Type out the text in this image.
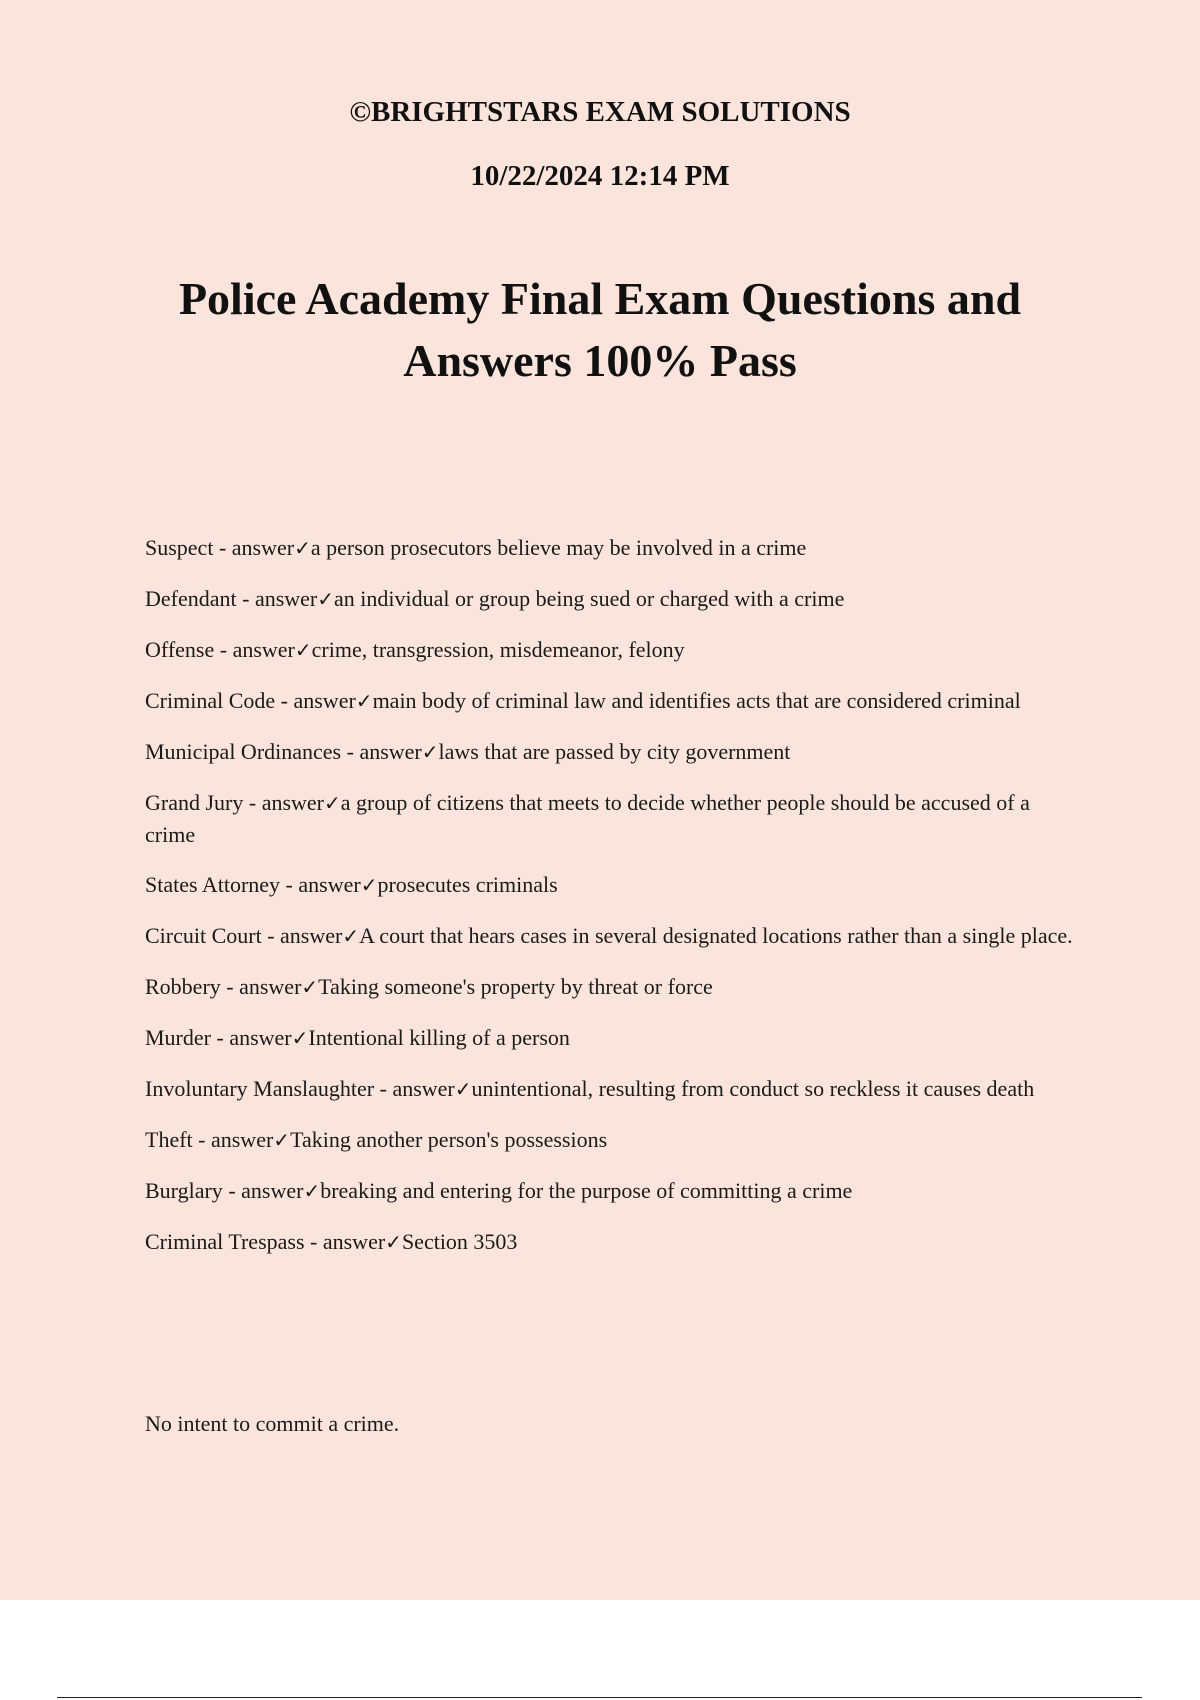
©BRIGHTSTARS EXAM SOLUTIONS
10/22/2024 12:14 PM
Police Academy Final Exam Questions and Answers 100% Pass
Suspect - answer✓a person prosecutors believe may be involved in a crime
Defendant - answer✓an individual or group being sued or charged with a crime
Offense - answer✓crime, transgression, misdemeanor, felony
Criminal Code - answer✓main body of criminal law and identifies acts that are considered criminal
Municipal Ordinances - answer✓laws that are passed by city government
Grand Jury - answer✓a group of citizens that meets to decide whether people should be accused of a crime
States Attorney - answer✓prosecutes criminals
Circuit Court - answer✓A court that hears cases in several designated locations rather than a single place.
Robbery - answer✓Taking someone's property by threat or force
Murder - answer✓Intentional killing of a person
Involuntary Manslaughter - answer✓unintentional, resulting from conduct so reckless it causes death
Theft - answer✓Taking another person's possessions
Burglary - answer✓breaking and entering for the purpose of committing a crime
Criminal Trespass - answer✓Section 3503
No intent to commit a crime.
